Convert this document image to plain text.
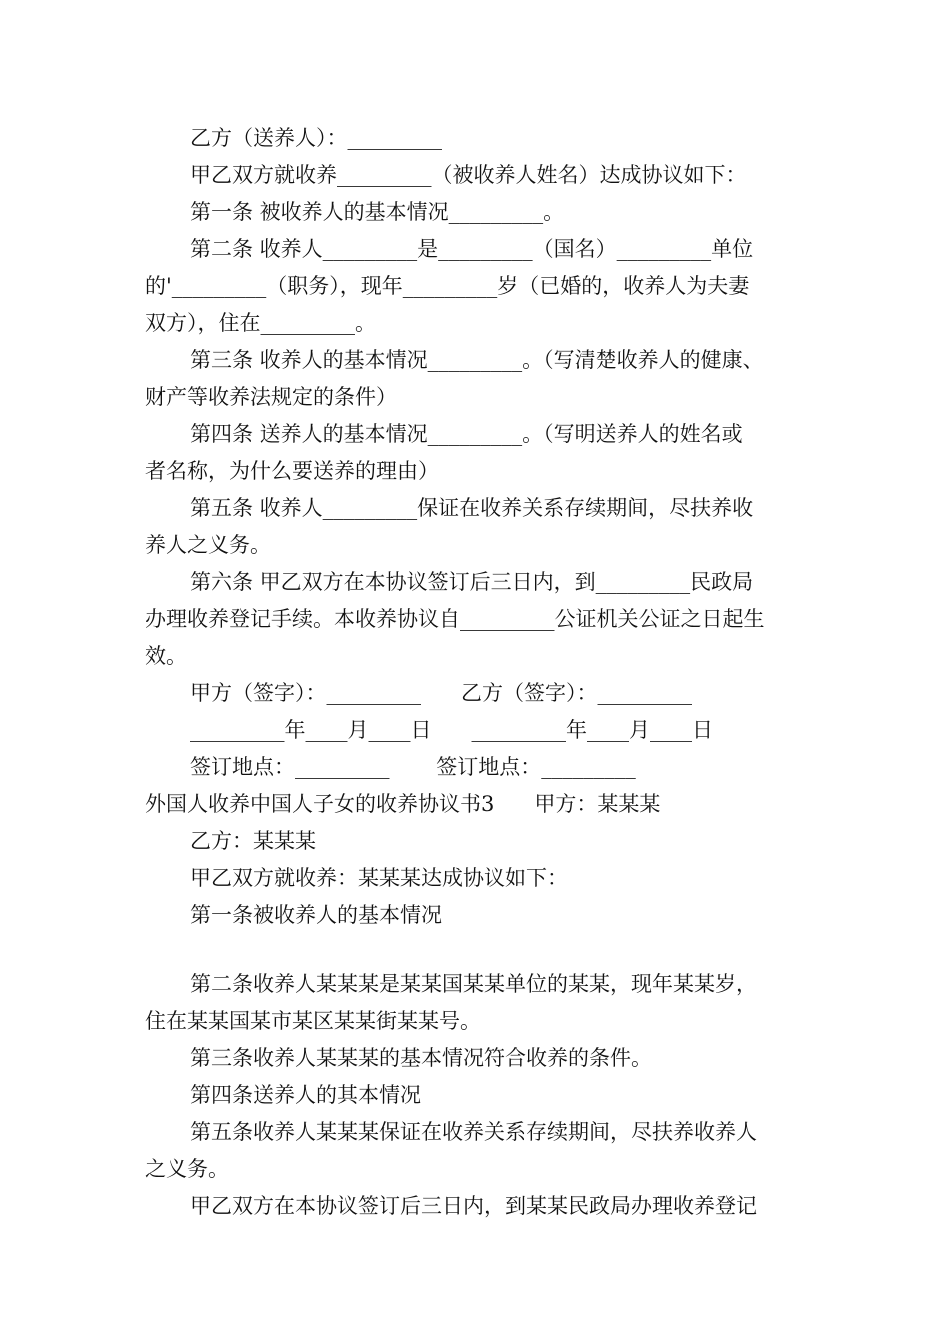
乙方（送养人）：_________
甲乙双方就收养_________（被收养人姓名）达成协议如下：
第一条 被收养人的基本情况_________。
第二条 收养人_________是_________（国名）_________单位
的'_________（职务），现年_________岁（已婚的，收养人为夫妻
双方），住在_________。
第三条 收养人的基本情况_________。（写清楚收养人的健康、
财产等收养法规定的条件）
第四条 送养人的基本情况_________。（写明送养人的姓名或
者名称，为什么要送养的理由）
第五条 收养人_________保证在收养关系存续期间，尽扶养收
养人之义务。
第六条 甲乙双方在本协议签订后三日内，到_________民政局
办理收养登记手续。本收养协议自_________公证机关公证之日起生
效。
甲方（签字）：_________      乙方（签字）：_________
_________年____月____日      _________年____月____日
签订地点：_________       签订地点：_________
外国人收养中国人子女的收养协议书3      甲方：某某某
乙方：某某某
甲乙双方就收养：某某某达成协议如下：
第一条被收养人的基本情况
第二条收养人某某某是某某国某某单位的某某，现年某某岁，
住在某某国某市某区某某街某某号。
第三条收养人某某某的基本情况符合收养的条件。
第四条送养人的其本情况
第五条收养人某某某保证在收养关系存续期间，尽扶养收养人
之义务。
甲乙双方在本协议签订后三日内，到某某民政局办理收养登记
